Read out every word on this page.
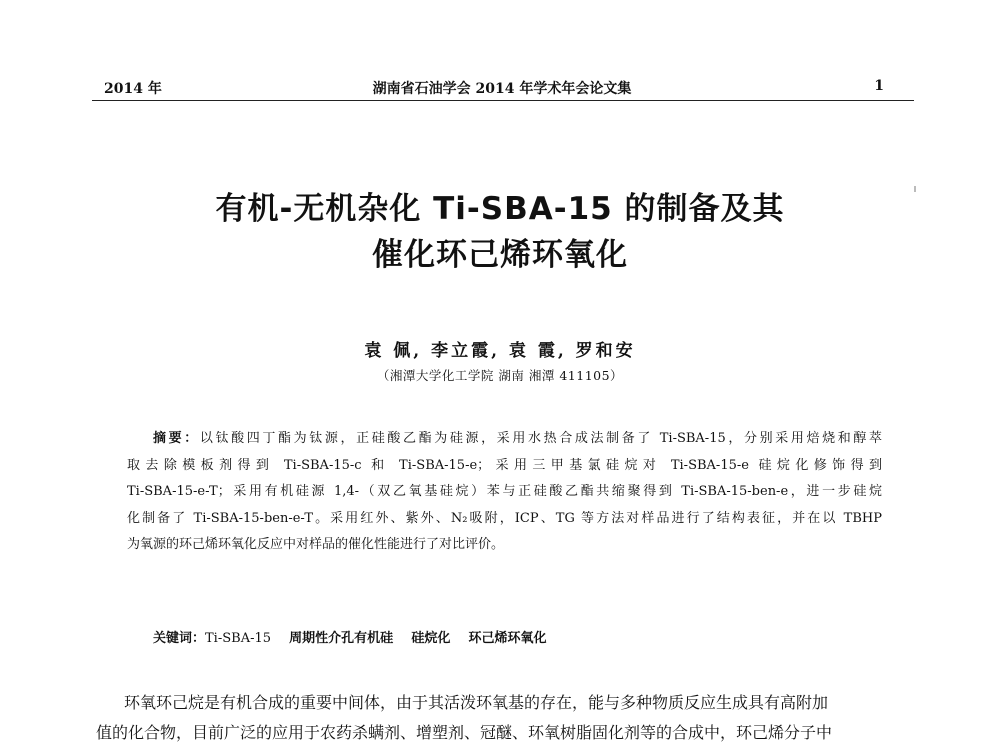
2014 年	湖南省石油学会 2014 年学术年会论文集	1
有机-无机杂化 Ti-SBA-15 的制备及其
催化环己烯环氧化
袁 佩, 李立霞, 袁 霞, 罗和安
（湘潭大学化工学院 湖南 湘潭 411105）
摘要：以钛酸四丁酯为钛源，正硅酸乙酯为硅源，采用水热合成法制备了 Ti-SBA-15，分别采用焙烧和醇萃
取去除模板剂得到 Ti-SBA-15-c 和 Ti-SBA-15-e；采用三甲基氯硅烷对 Ti-SBA-15-e 硅烷化修饰得到
Ti-SBA-15-e-T；采用有机硅源 1,4-（双乙氧基硅烷）苯与正硅酸乙酯共缩聚得到 Ti-SBA-15-ben-e，进一步硅烷
化制备了 Ti-SBA-15-ben-e-T。采用红外、紫外、N₂吸附，ICP、TG 等方法对样品进行了结构表征，并在以 TBHP
为氧源的环己烯环氧化反应中对样品的催化性能进行了对比评价。
关键词：Ti-SBA-15 周期性介孔有机硅 硅烷化 环己烯环氧化
环氧环己烷是有机合成的重要中间体，由于其活泼环氧基的存在，能与多种物质反应生成具有高附加
值的化合物，目前广泛的应用于农药杀螨剂、增塑剂、冠醚、环氧树脂固化剂等的合成中，环己烯分子中
